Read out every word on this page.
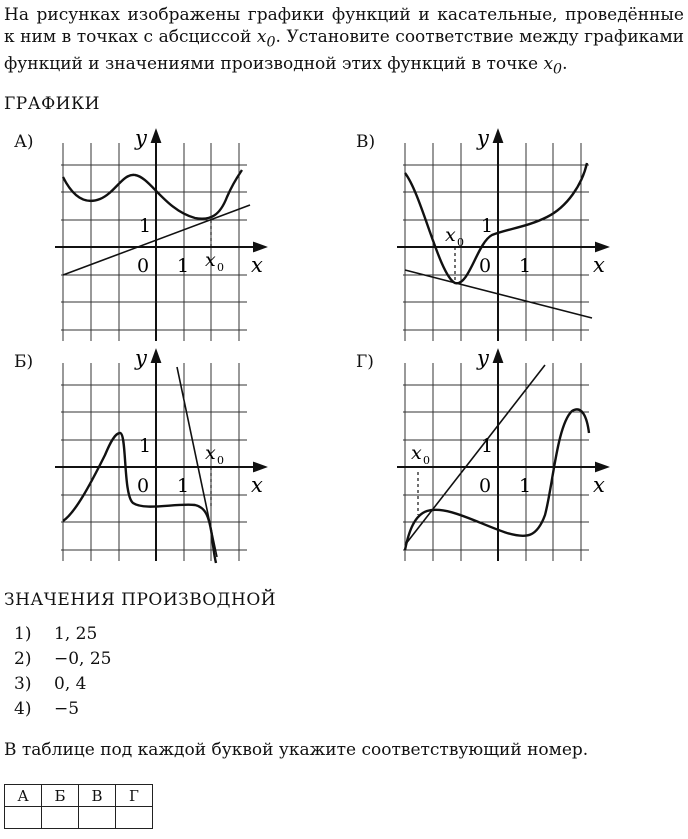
На рисунках изображены графики функций и касательные, проведённые к ним в точках с абсциссой $x_0$. Установите соответствие между графиками функций и значениями производной этих функций в точке $x_0$.
ГРАФИКИ
А)	В)
Б)	Г)
y
x
0 1
1
x 0
y
x
0 1
1
x 0
y
x
0 1
1	x 0
y
x
0 1
1
x 0
ЗНАЧЕНИЯ ПРОИЗВОДНОЙ
1)	1, 25
2)	−0, 25
3)	0, 4
4)	−5
В таблице под каждой буквой укажите соответствующий номер.
А	Б	В	Г
